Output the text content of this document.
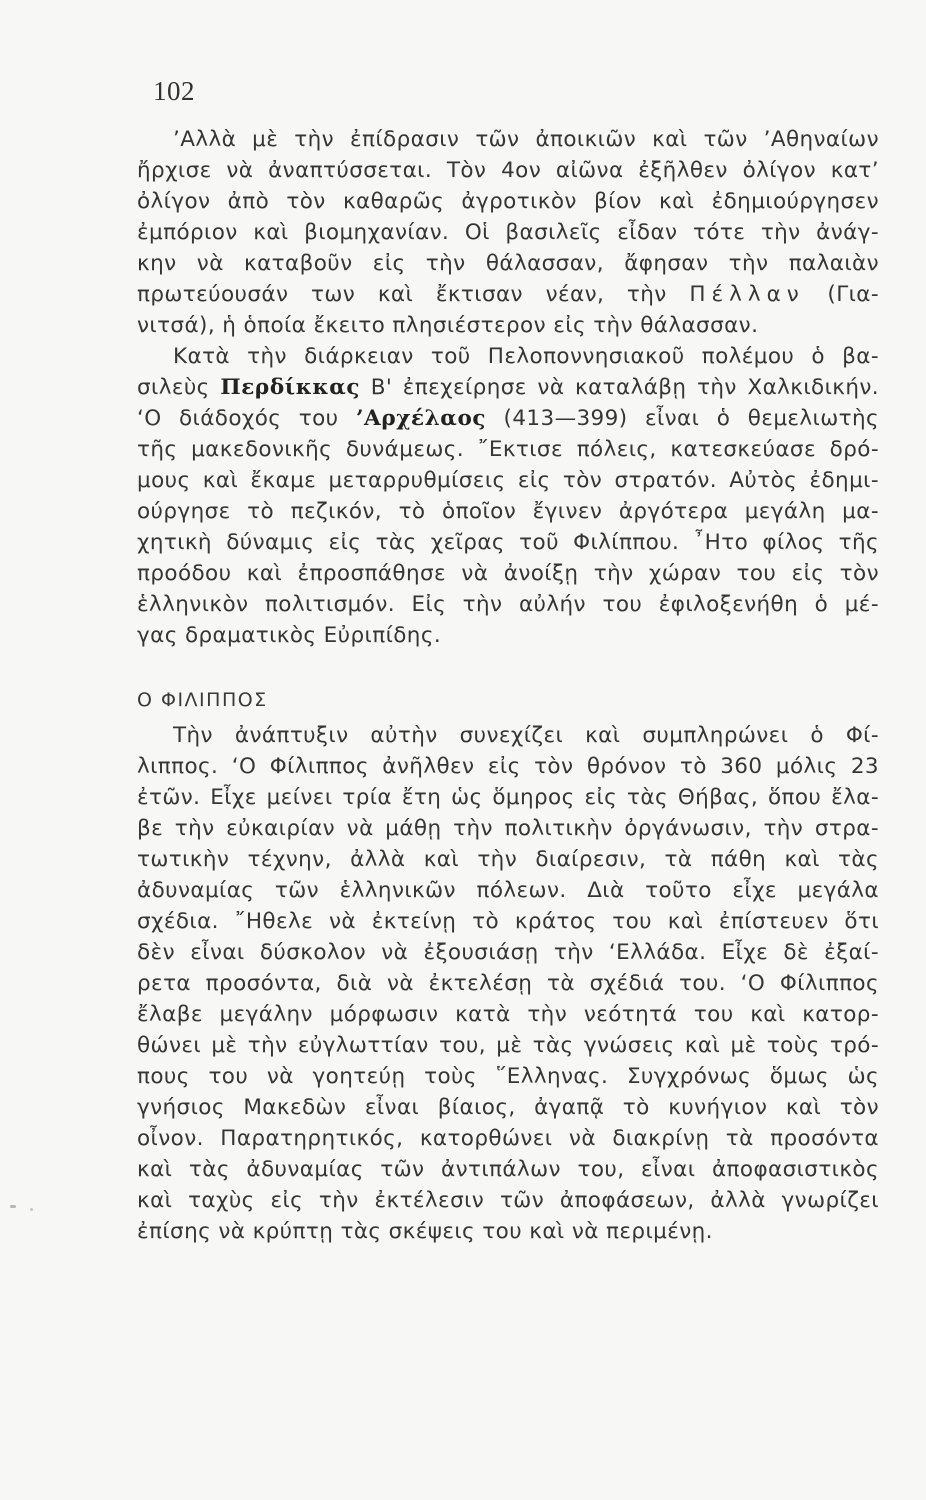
102
’Αλλὰ μὲ τὴν ἐπίδρασιν τῶν ἀποικιῶν καὶ τῶν ’Αθηναίων
ἤρχισε νὰ ἀναπτύσσεται. Τὸν 4ον αἰῶνα ἐξῆλθεν ὀλίγον κατ’
ὀλίγον ἀπὸ τὸν καθαρῶς ἀγροτικὸν βίον καὶ ἐδημιούργησεν
ἐμπόριον καὶ βιομηχανίαν. Οἱ βασιλεῖς εἶδαν τότε τὴν ἀνάγ-
κην νὰ καταβοῦν εἰς τὴν θάλασσαν, ἄφησαν τὴν παλαιὰν
πρωτεύουσάν των καὶ ἔκτισαν νέαν, τὴν Πέλλαν (Για-
νιτσά), ἡ ὁποία ἔκειτο πλησιέστερον εἰς τὴν θάλασσαν.
Κατὰ τὴν διάρκειαν τοῦ Πελοποννησιακοῦ πολέμου ὁ βα-
σιλεὺς Περδίκκας Β' ἐπεχείρησε νὰ καταλάβῃ τὴν Χαλκιδικήν.
‘Ο διάδοχός του ’Αρχέλαος (413—399) εἶναι ὁ θεμελιωτὴς
τῆς μακεδονικῆς δυνάμεως. ῎Εκτισε πόλεις, κατεσκεύασε δρό-
μους καὶ ἔκαμε μεταρρυθμίσεις εἰς τὸν στρατόν. Αὐτὸς ἐδημι-
ούργησε τὸ πεζικόν, τὸ ὁποῖον ἔγινεν ἀργότερα μεγάλη μα-
χητικὴ δύναμις εἰς τὰς χεῖρας τοῦ Φιλίππου. ῏Ητο φίλος τῆς
προόδου καὶ ἐπροσπάθησε νὰ ἀνοίξῃ τὴν χώραν του εἰς τὸν
ἑλληνικὸν πολιτισμόν. Εἰς τὴν αὐλήν του ἐφιλοξενήθη ὁ μέ-
γας δραματικὸς Εὐριπίδης.
Ο ΦΙΛΙΠΠΟΣ
Τὴν ἀνάπτυξιν αὐτὴν συνεχίζει καὶ συμπληρώνει ὁ Φί-
λιππος. ‘Ο Φίλιππος ἀνῆλθεν εἰς τὸν θρόνον τὸ 360 μόλις 23
ἐτῶν. Εἶχε μείνει τρία ἔτη ὡς ὅμηρος εἰς τὰς Θήβας, ὅπου ἔλα-
βε τὴν εὐκαιρίαν νὰ μάθῃ τὴν πολιτικὴν ὀργάνωσιν, τὴν στρα-
τωτικὴν τέχνην, ἀλλὰ καὶ τὴν διαίρεσιν, τὰ πάθη καὶ τὰς
ἀδυναμίας τῶν ἑλληνικῶν πόλεων. Διὰ τοῦτο εἶχε μεγάλα
σχέδια. ῎Ηθελε νὰ ἐκτείνῃ τὸ κράτος του καὶ ἐπίστευεν ὅτι
δὲν εἶναι δύσκολον νὰ ἐξουσιάσῃ τὴν ‘Ελλάδα. Εἶχε δὲ ἐξαί-
ρετα προσόντα, διὰ νὰ ἐκτελέσῃ τὰ σχέδιά του. ‘Ο Φίλιππος
ἔλαβε μεγάλην μόρφωσιν κατὰ τὴν νεότητά του καὶ κατορ-
θώνει μὲ τὴν εὐγλωττίαν του, μὲ τὰς γνώσεις καὶ μὲ τοὺς τρό-
πους του νὰ γοητεύῃ τοὺς ῞Ελληνας. Συγχρόνως ὅμως ὡς
γνήσιος Μακεδὼν εἶναι βίαιος, ἀγαπᾷ τὸ κυνήγιον καὶ τὸν
οἶνον. Παρατηρητικός, κατορθώνει νὰ διακρίνῃ τὰ προσόντα
καὶ τὰς ἀδυναμίας τῶν ἀντιπάλων του, εἶναι ἀποφασιστικὸς
καὶ ταχὺς εἰς τὴν ἐκτέλεσιν τῶν ἀποφάσεων, ἀλλὰ γνωρίζει
ἐπίσης νὰ κρύπτῃ τὰς σκέψεις του καὶ νὰ περιμένῃ.
